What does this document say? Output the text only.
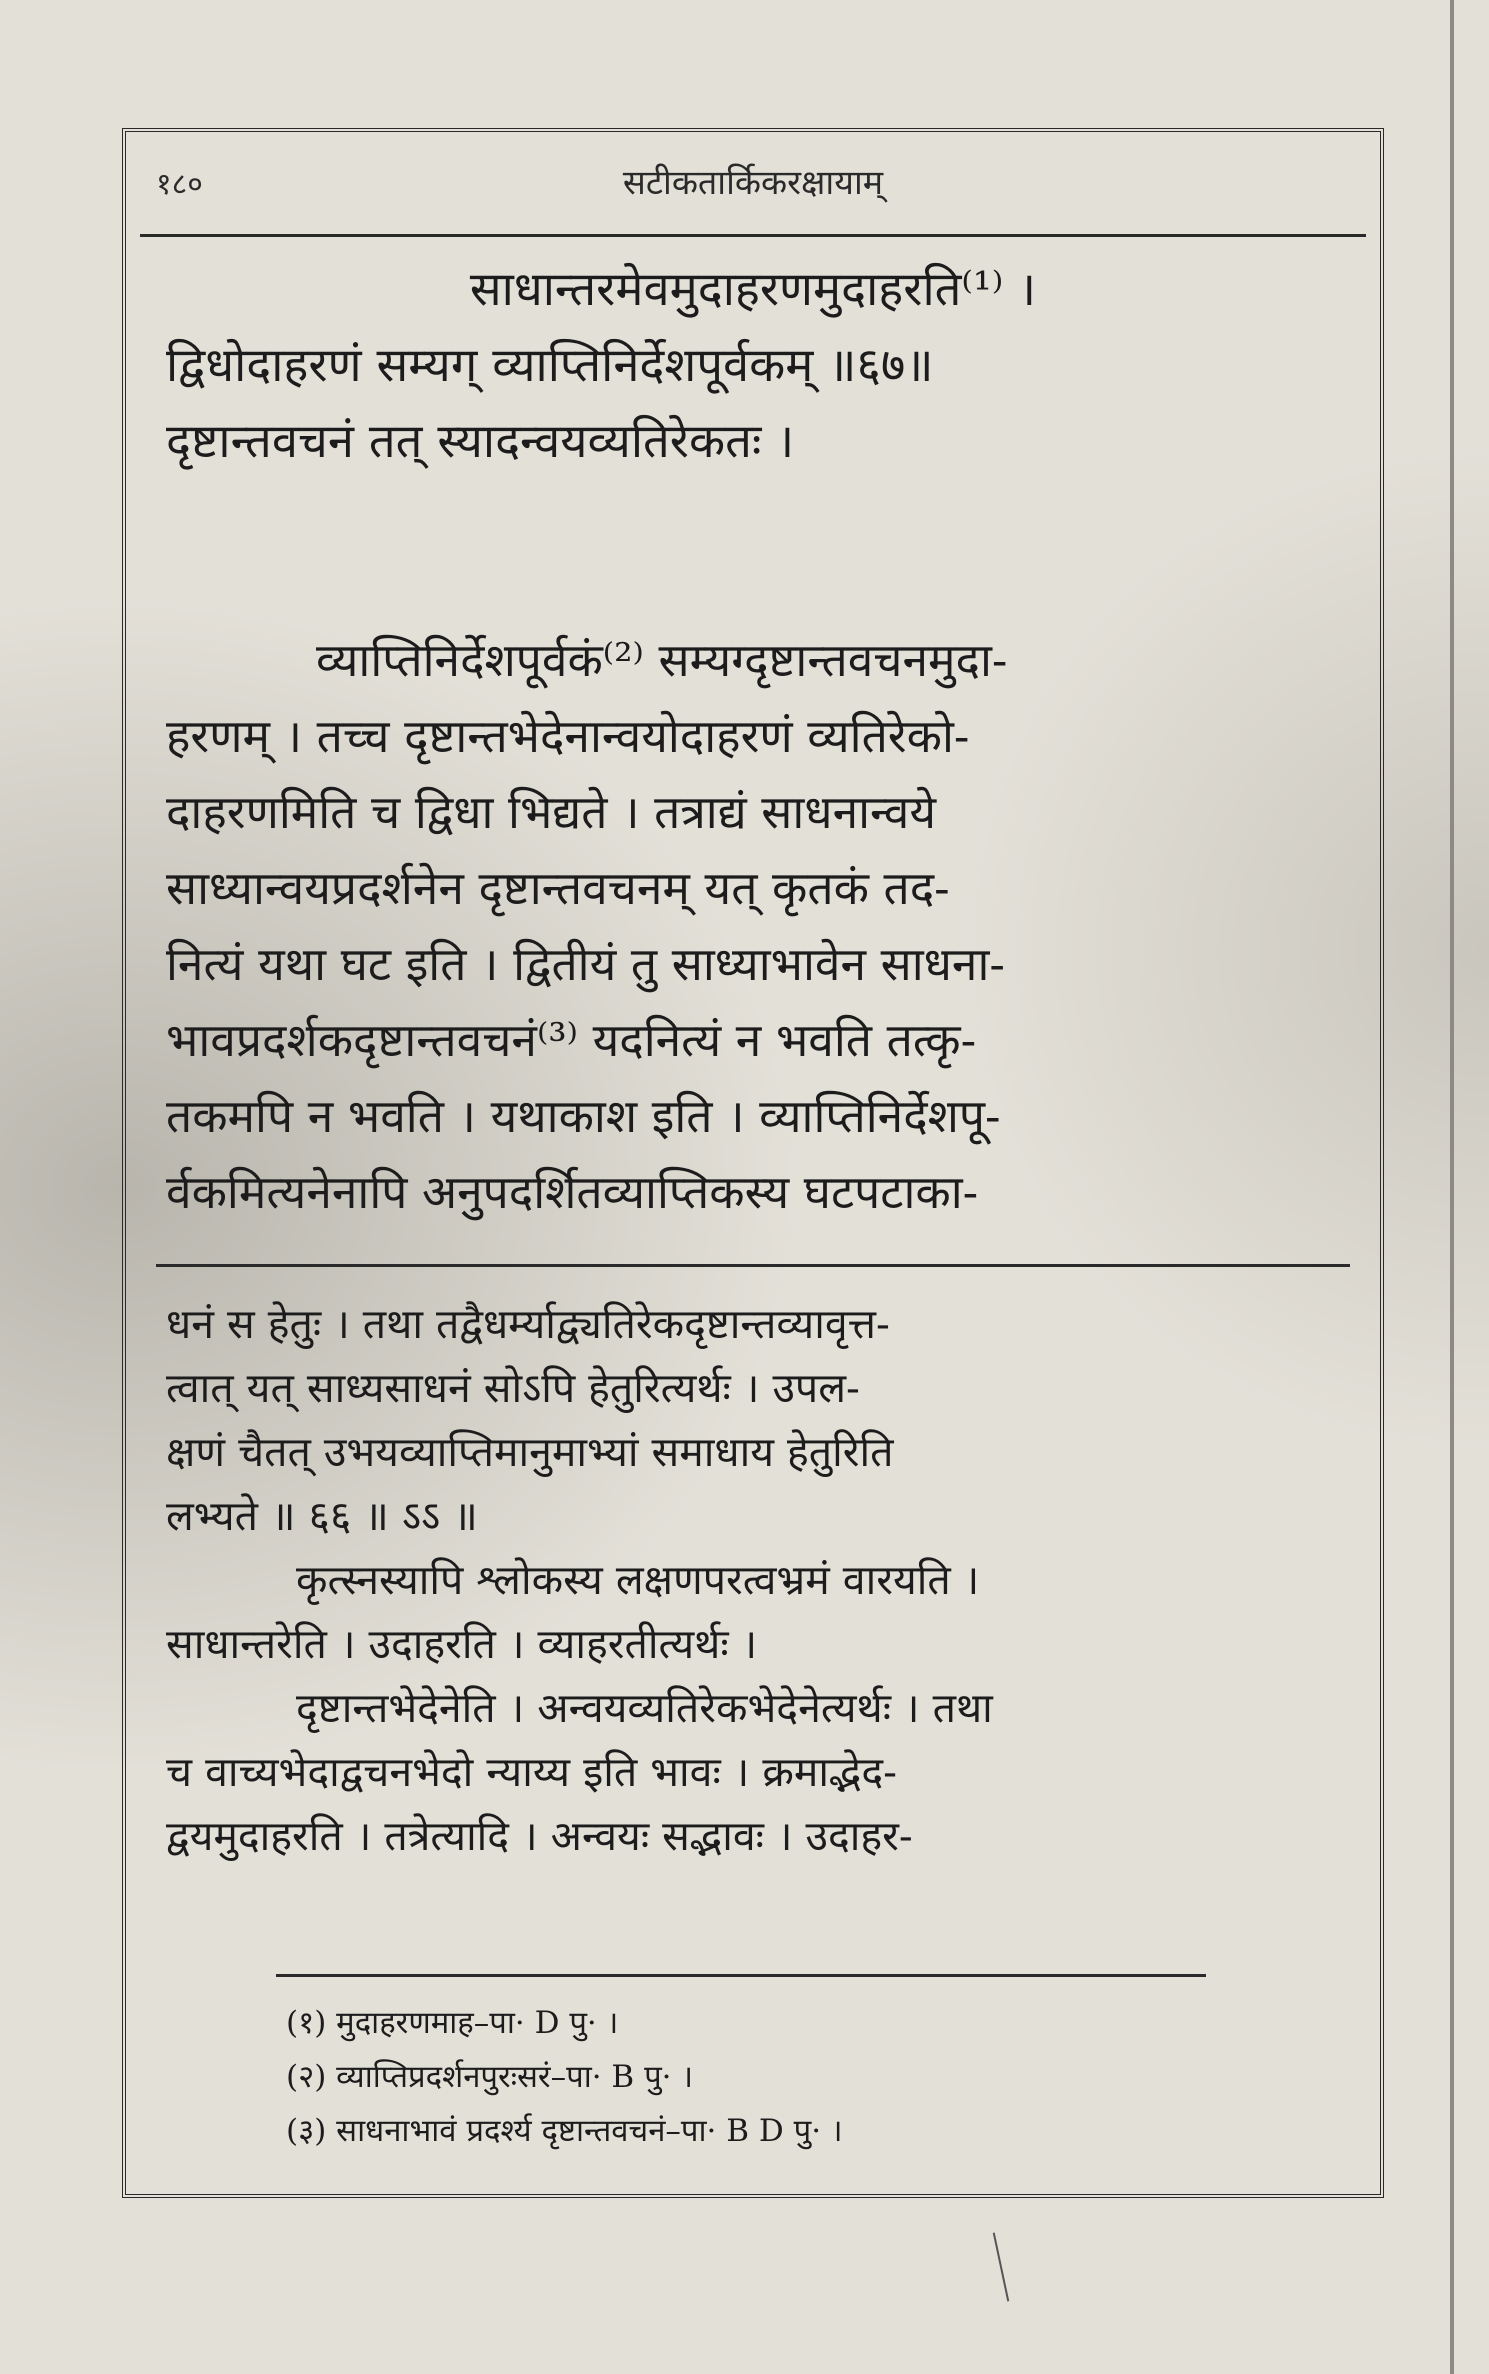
१८०	सटीकतार्किकरक्षायाम्
साधान्तरमेवमुदाहरणमुदाहरति⁽¹⁾ ।
द्विधोदाहरणं सम्यग् व्याप्तिनिर्देशपूर्वकम् ॥६७॥
दृष्टान्तवचनं तत् स्यादन्वयव्यतिरेकतः ।
व्याप्तिनिर्देशपूर्वकं⁽²⁾ सम्यग्दृष्टान्तवचनमुदा-
हरणम् । तच्च दृष्टान्तभेदेनान्वयोदाहरणं व्यतिरेको-
दाहरणमिति च द्विधा भिद्यते । तत्राद्यं साधनान्वये
साध्यान्वयप्रदर्शनेन दृष्टान्तवचनम् यत् कृतकं तद-
नित्यं यथा घट इति । द्वितीयं तु साध्याभावेन साधना-
भावप्रदर्शकदृष्टान्तवचनं⁽³⁾ यदनित्यं न भवति तत्कृ-
तकमपि न भवति । यथाकाश इति । व्याप्तिनिर्देशपू-
र्वकमित्यनेनापि अनुपदर्शितव्याप्तिकस्य घटपटाका-
धनं स हेतुः । तथा तद्वैधर्म्याद्व्यतिरेकदृष्टान्तव्यावृत्त-
त्वात् यत् साध्यसाधनं सोऽपि हेतुरित्यर्थः । उपल-
क्षणं चैतत् उभयव्याप्तिमानुमाभ्यां समाधाय हेतुरिति
लभ्यते ॥ ६६ ॥ ऽऽ ॥
कृत्स्नस्यापि श्लोकस्य लक्षणपरत्वभ्रमं वारयति ।
साधान्तरेति । उदाहरति । व्याहरतीत्यर्थः ।
दृष्टान्तभेदेनेति । अन्वयव्यतिरेकभेदेनेत्यर्थः । तथा
च वाच्यभेदाद्वचनभेदो न्याय्य इति भावः । क्रमाद्भेद-
द्वयमुदाहरति । तत्रेत्यादि । अन्वयः सद्भावः । उदाहर-
(१) मुदाहरणमाह–पा· D पु· ।
(२) व्याप्तिप्रदर्शनपुरःसरं–पा· B पु· ।
(३) साधनाभावं प्रदर्श्य दृष्टान्तवचनं–पा· B D पु· ।
